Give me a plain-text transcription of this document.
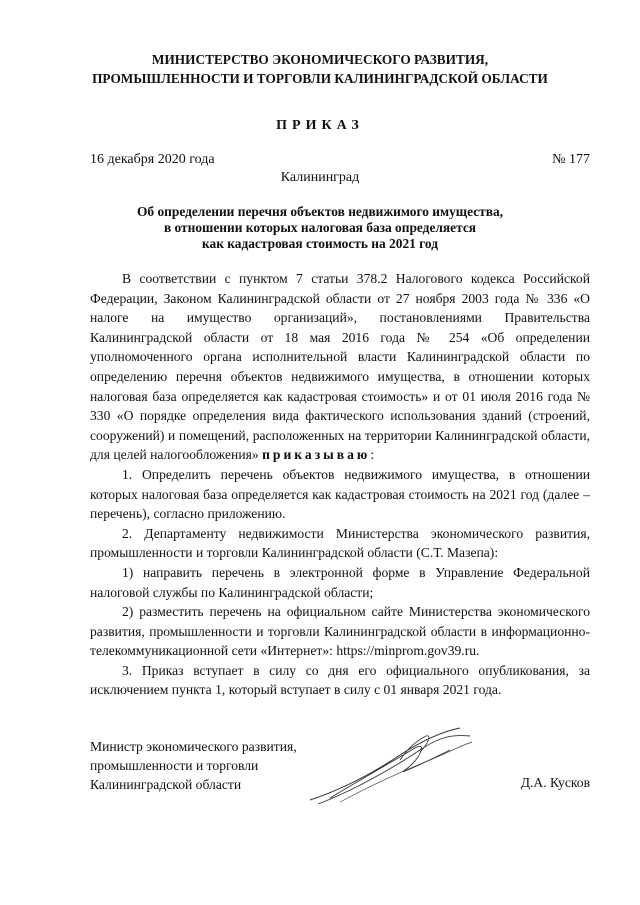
МИНИСТЕРСТВО ЭКОНОМИЧЕСКОГО РАЗВИТИЯ,
ПРОМЫШЛЕННОСТИ И ТОРГОВЛИ КАЛИНИНГРАДСКОЙ ОБЛАСТИ
ПРИКАЗ
16 декабря 2020 года	№ 177
Калининград
Об определении перечня объектов недвижимого имущества,
в отношении которых налоговая база определяется
как кадастровая стоимость на 2021 год

В соответствии с пунктом 7 статьи 378.2 Налогового кодекса Российской Федерации, Законом Калининградской области от 27 ноября 2003 года № 336 «О налоге на имущество организаций», постановлениями Правительства Калининградской области от 18 мая 2016 года № 254 «Об определении уполномоченного органа исполнительной власти Калининградской области по определению перечня объектов недвижимого имущества, в отношении которых налоговая база определяется как кадастровая стоимость» и от 01 июля 2016 года № 330 «О порядке определения вида фактического использования зданий (строений, сооружений) и помещений, расположенных на территории Калининградской области, для целей налогообложения» приказываю:

1. Определить перечень объектов недвижимого имущества, в отношении которых налоговая база определяется как кадастровая стоимость на 2021 год (далее – перечень), согласно приложению.

2. Департаменту недвижимости Министерства экономического развития, промышленности и торговли Калининградской области (С.Т. Мазепа):

1) направить перечень в электронной форме в Управление Федеральной налоговой службы по Калининградской области;

2) разместить перечень на официальном сайте Министерства экономического развития, промышленности и торговли Калининградской области в информационно-телекоммуникационной сети «Интернет»: https://minprom.gov39.ru.

3. Приказ вступает в силу со дня его официального опубликования, за исключением пункта 1, который вступает в силу с 01 января 2021 года.

Министр экономического развития,
промышленности и торговли
Калининградской области	Д.А. Кусков
